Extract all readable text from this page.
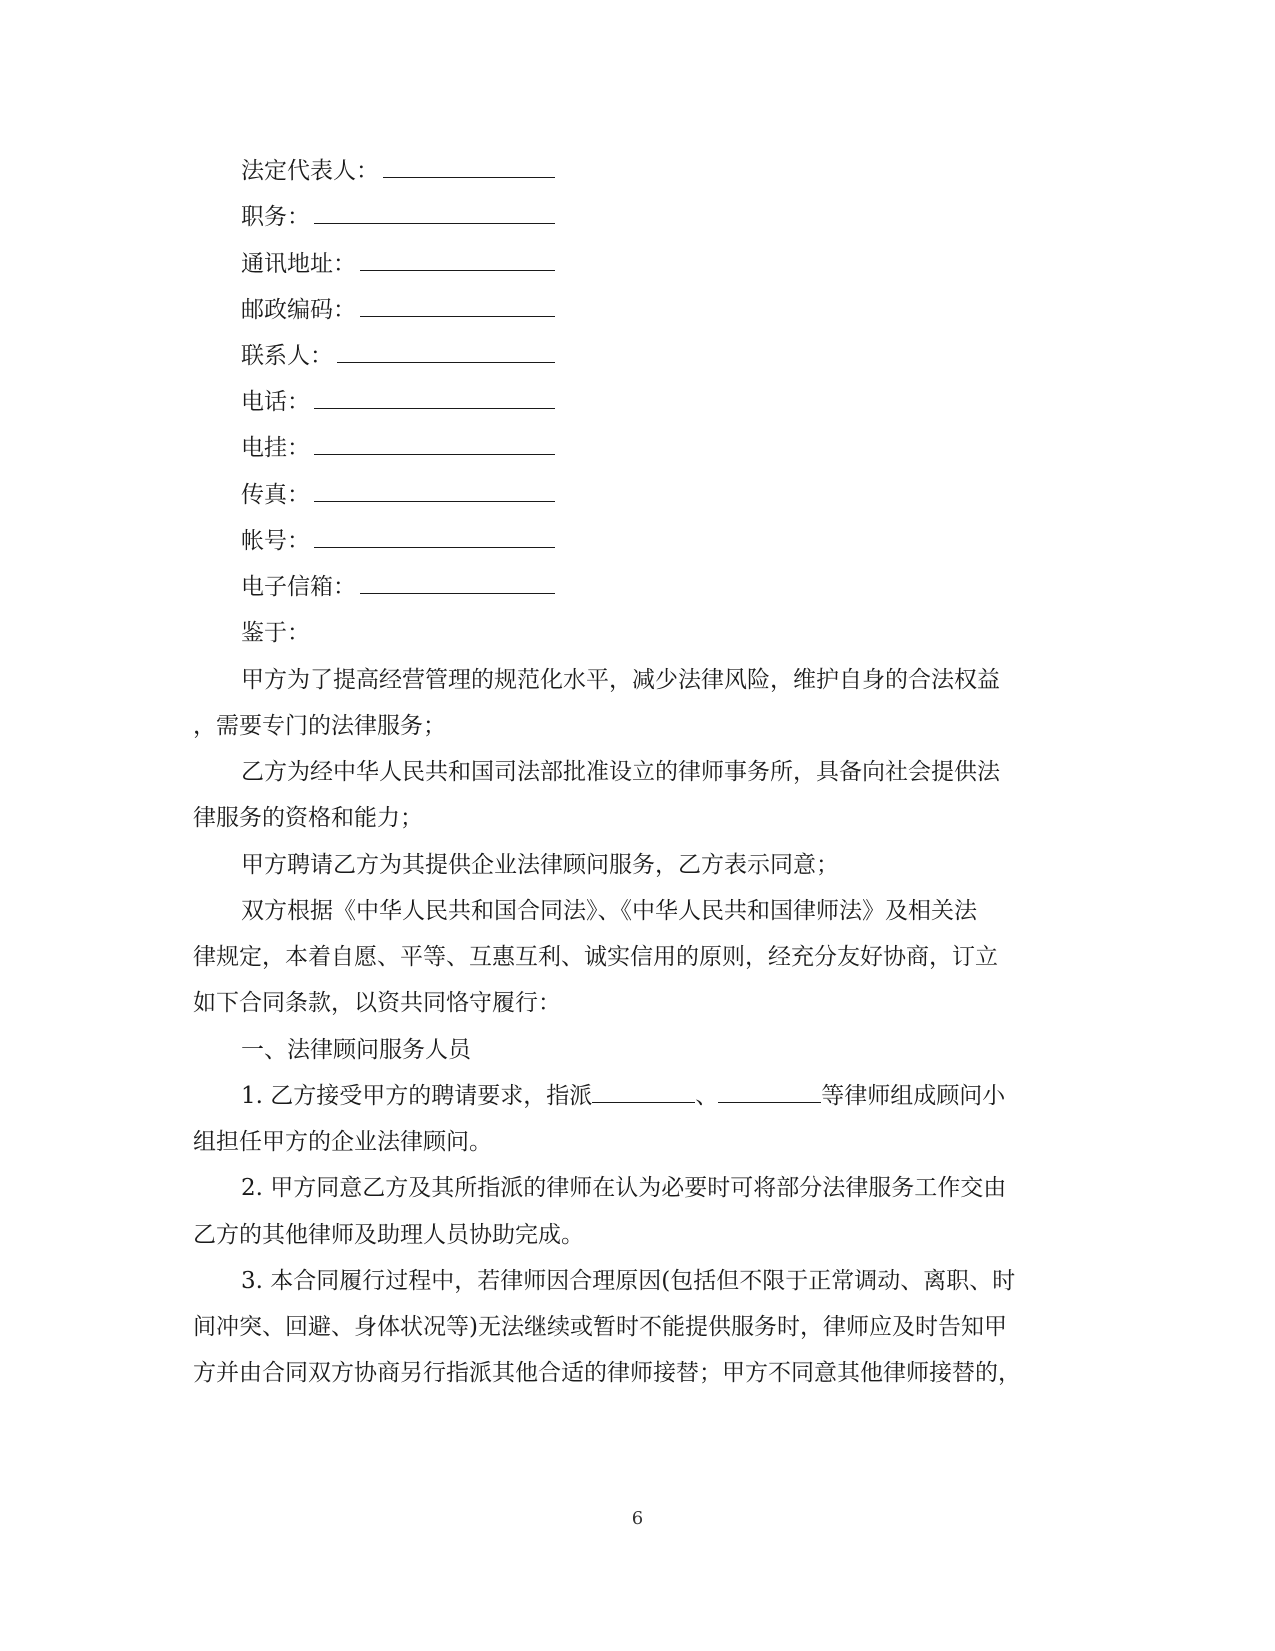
法定代表人：
职务：
通讯地址：
邮政编码：
联系人：
电话：
电挂：
传真：
帐号：
电子信箱：
鉴于：
甲方为了提高经营管理的规范化水平，减少法律风险，维护自身的合法权益
，需要专门的法律服务；
乙方为经中华人民共和国司法部批准设立的律师事务所，具备向社会提供法
律服务的资格和能力；
甲方聘请乙方为其提供企业法律顾问服务，乙方表示同意；
双方根据《中华人民共和国合同法》、《中华人民共和国律师法》及相关法
律规定，本着自愿、平等、互惠互利、诚实信用的原则，经充分友好协商，订立
如下合同条款，以资共同恪守履行：
一、法律顾问服务人员
1. 乙方接受甲方的聘请要求，指派	、	等律师组成顾问小
组担任甲方的企业法律顾问。
2. 甲方同意乙方及其所指派的律师在认为必要时可将部分法律服务工作交由
乙方的其他律师及助理人员协助完成。
3. 本合同履行过程中，若律师因合理原因(包括但不限于正常调动、离职、时
间冲突、回避、身体状况等)无法继续或暂时不能提供服务时，律师应及时告知甲
方并由合同双方协商另行指派其他合适的律师接替；甲方不同意其他律师接替的，
6
